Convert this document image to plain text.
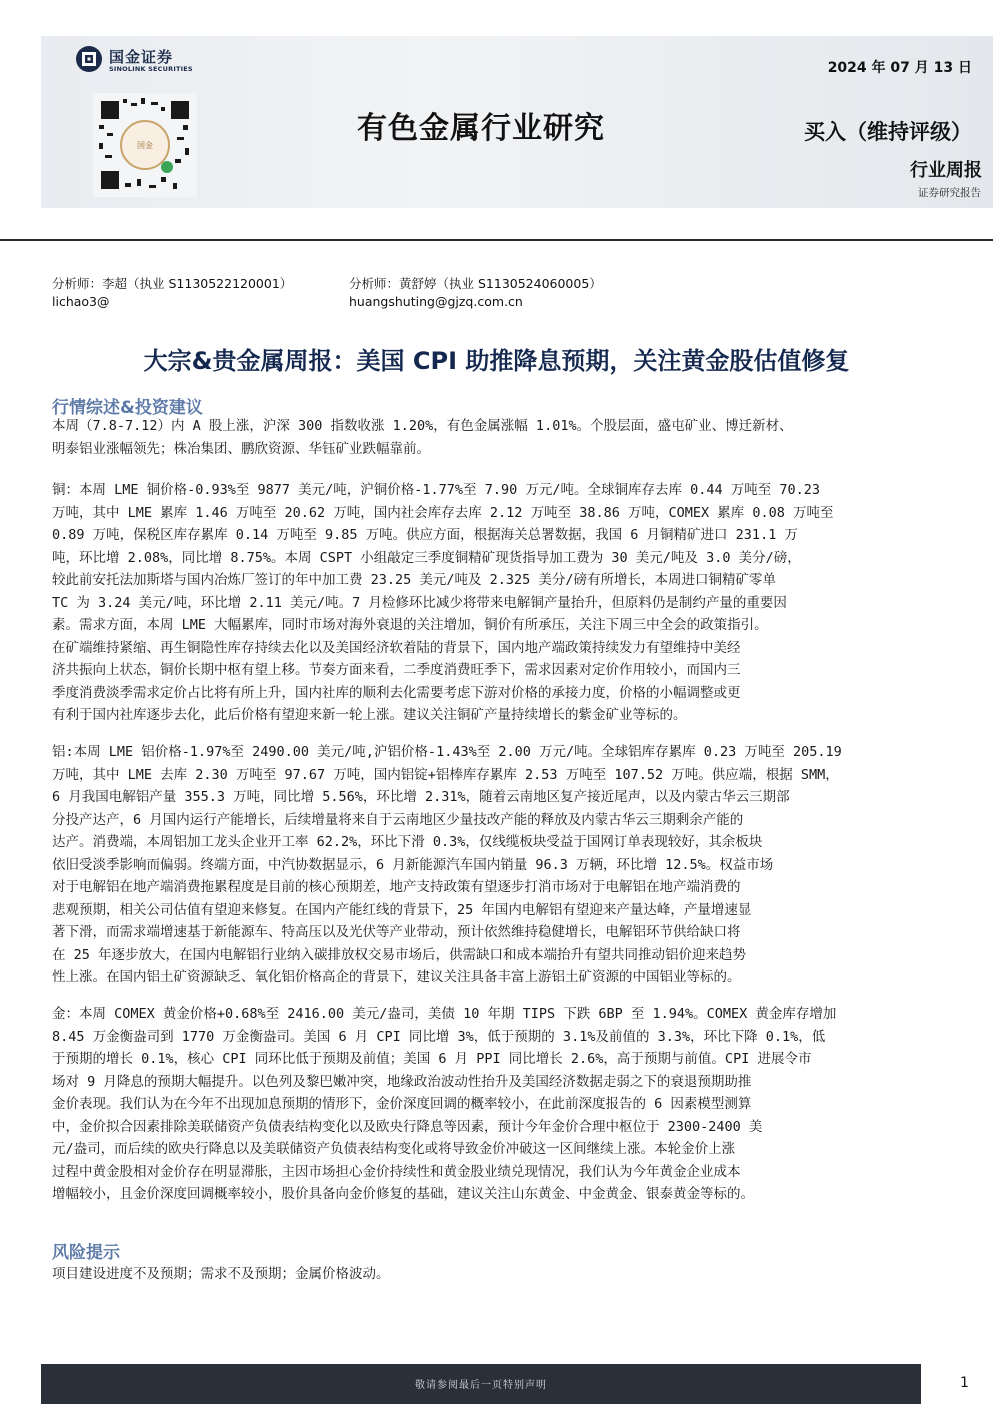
国金证券
SINOLINK SECURITIES
国金
2024 年 07 月 13 日
有色金属行业研究	买入（维持评级）
行业周报
证券研究报告
分析师：李超（执业 S1130522120001）
lichao3@
分析师：黄舒婷（执业 S1130524060005）
huangshuting@gjzq.com.cn
大宗&贵金属周报：美国 CPI 助推降息预期，关注黄金股估值修复
行情综述&投资建议
本周（7.8-7.12）内 A 股上涨，沪深 300 指数收涨 1.20%，有色金属涨幅 1.01%。个股层面，盛屯矿业、博迁新材、
明泰铝业涨幅领先；株冶集团、鹏欣资源、华钰矿业跌幅靠前。
铜：本周 LME 铜价格-0.93%至 9877 美元/吨，沪铜价格-1.77%至 7.90 万元/吨。全球铜库存去库 0.44 万吨至 70.23
万吨，其中 LME 累库 1.46 万吨至 20.62 万吨，国内社会库存去库 2.12 万吨至 38.86 万吨，COMEX 累库 0.08 万吨至
0.89 万吨，保税区库存累库 0.14 万吨至 9.85 万吨。供应方面，根据海关总署数据，我国 6 月铜精矿进口 231.1 万
吨，环比增 2.08%，同比增 8.75%。本周 CSPT 小组敲定三季度铜精矿现货指导加工费为 30 美元/吨及 3.0 美分/磅，
较此前安托法加斯塔与国内冶炼厂签订的年中加工费 23.25 美元/吨及 2.325 美分/磅有所增长，本周进口铜精矿零单
TC 为 3.24 美元/吨，环比增 2.11 美元/吨。7 月检修环比减少将带来电解铜产量抬升，但原料仍是制约产量的重要因
素。需求方面，本周 LME 大幅累库，同时市场对海外衰退的关注增加，铜价有所承压，关注下周三中全会的政策指引。
在矿端维持紧缩、再生铜隐性库存持续去化以及美国经济软着陆的背景下，国内地产端政策持续发力有望维持中美经
济共振向上状态，铜价长期中枢有望上移。节奏方面来看，二季度消费旺季下，需求因素对定价作用较小，而国内三
季度消费淡季需求定价占比将有所上升，国内社库的顺利去化需要考虑下游对价格的承接力度，价格的小幅调整或更
有利于国内社库逐步去化，此后价格有望迎来新一轮上涨。建议关注铜矿产量持续增长的紫金矿业等标的。
铝:本周 LME 铝价格-1.97%至 2490.00 美元/吨,沪铝价格-1.43%至 2.00 万元/吨。全球铝库存累库 0.23 万吨至 205.19
万吨，其中 LME 去库 2.30 万吨至 97.67 万吨，国内铝锭+铝棒库存累库 2.53 万吨至 107.52 万吨。供应端，根据 SMM，
6 月我国电解铝产量 355.3 万吨，同比增 5.56%，环比增 2.31%，随着云南地区复产接近尾声，以及内蒙古华云三期部
分投产达产，6 月国内运行产能增长，后续增量将来自于云南地区少量技改产能的释放及内蒙古华云三期剩余产能的
达产。消费端，本周铝加工龙头企业开工率 62.2%，环比下滑 0.3%，仅线缆板块受益于国网订单表现较好，其余板块
依旧受淡季影响而偏弱。终端方面，中汽协数据显示，6 月新能源汽车国内销量 96.3 万辆，环比增 12.5%。权益市场
对于电解铝在地产端消费拖累程度是目前的核心预期差，地产支持政策有望逐步打消市场对于电解铝在地产端消费的
悲观预期，相关公司估值有望迎来修复。在国内产能红线的背景下，25 年国内电解铝有望迎来产量达峰，产量增速显
著下滑，而需求端增速基于新能源车、特高压以及光伏等产业带动，预计依然维持稳健增长，电解铝环节供给缺口将
在 25 年逐步放大，在国内电解铝行业纳入碳排放权交易市场后，供需缺口和成本端抬升有望共同推动铝价迎来趋势
性上涨。在国内铝土矿资源缺乏、氧化铝价格高企的背景下，建议关注具备丰富上游铝土矿资源的中国铝业等标的。
金：本周 COMEX 黄金价格+0.68%至 2416.00 美元/盎司，美债 10 年期 TIPS 下跌 6BP 至 1.94%。COMEX 黄金库存增加
8.45 万金衡盎司到 1770 万金衡盎司。美国 6 月 CPI 同比增 3%，低于预期的 3.1%及前值的 3.3%，环比下降 0.1%，低
于预期的增长 0.1%，核心 CPI 同环比低于预期及前值；美国 6 月 PPI 同比增长 2.6%，高于预期与前值。CPI 进展令市
场对 9 月降息的预期大幅提升。以色列及黎巴嫩冲突，地缘政治波动性抬升及美国经济数据走弱之下的衰退预期助推
金价表现。我们认为在今年不出现加息预期的情形下，金价深度回调的概率较小，在此前深度报告的 6 因素模型测算
中，金价拟合因素排除美联储资产负债表结构变化以及欧央行降息等因素，预计今年金价合理中枢位于 2300-2400 美
元/盎司，而后续的欧央行降息以及美联储资产负债表结构变化或将导致金价冲破这一区间继续上涨。本轮金价上涨
过程中黄金股相对金价存在明显滞胀，主因市场担心金价持续性和黄金股业绩兑现情况，我们认为今年黄金企业成本
增幅较小，且金价深度回调概率较小，股价具备向金价修复的基础，建议关注山东黄金、中金黄金、银泰黄金等标的。
风险提示
项目建设进度不及预期；需求不及预期；金属价格波动。
敬请参阅最后一页特别声明	1
